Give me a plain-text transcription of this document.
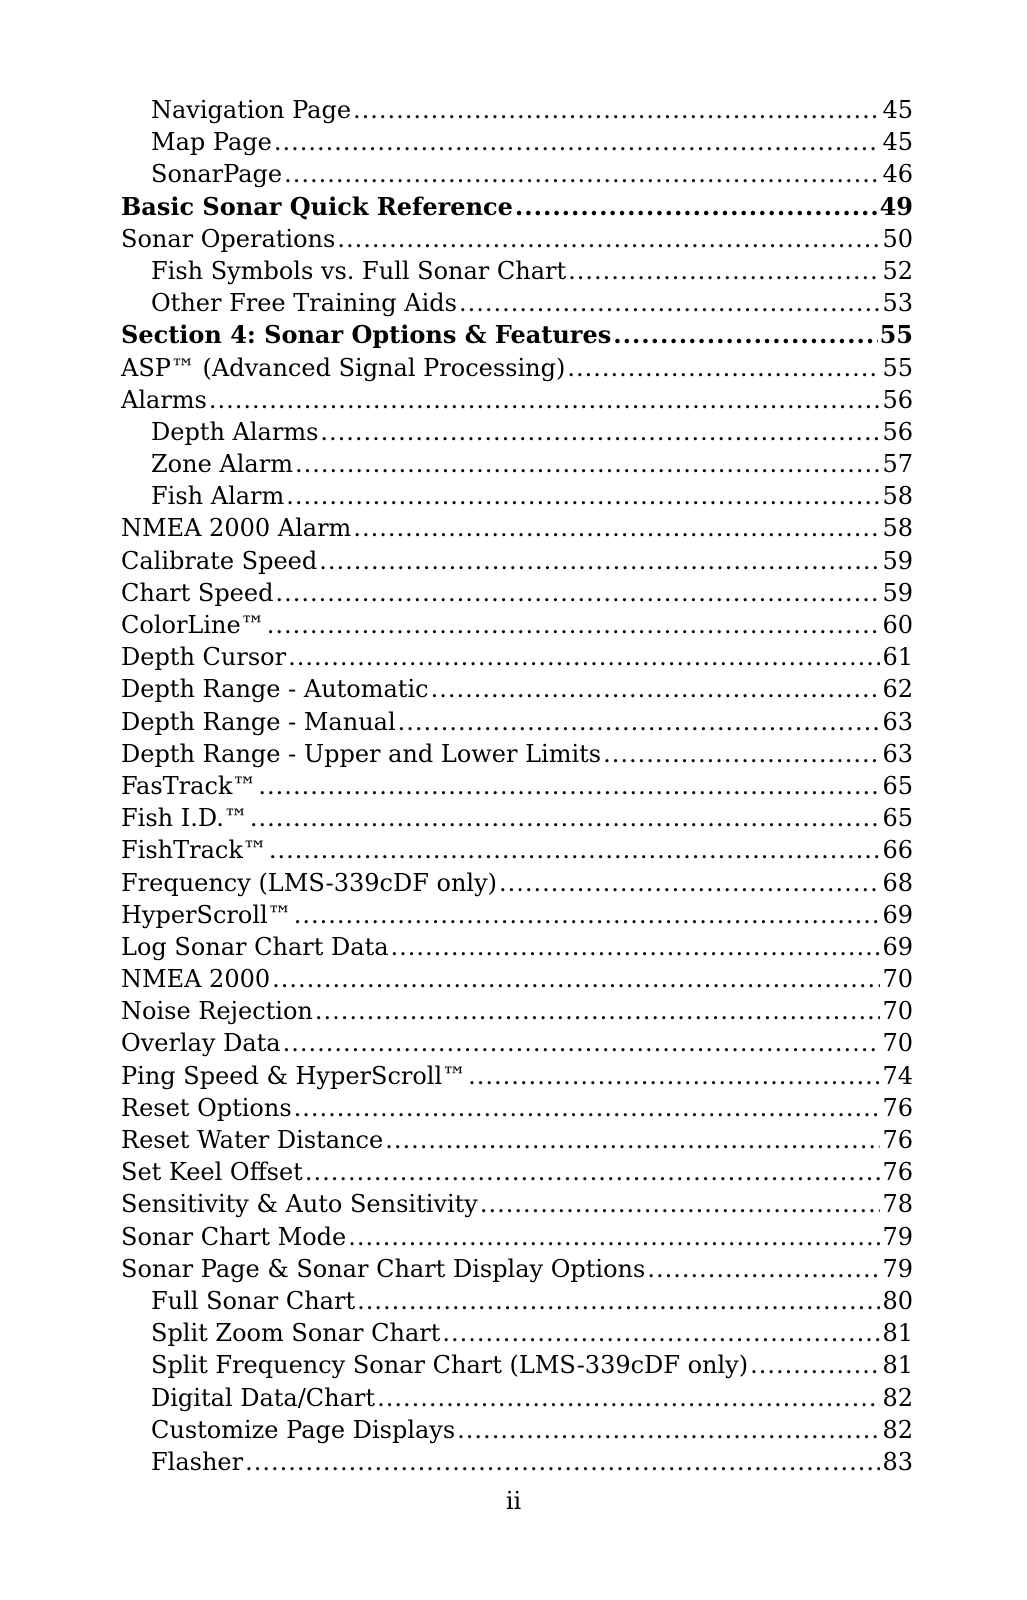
Navigation Page .....	45
Map Page .....	45
SonarPage .....	46
Basic Sonar Quick Reference .....	49
Sonar Operations .....	50
Fish Symbols vs. Full Sonar Chart .....	52
Other Free Training Aids .....	53
Section 4: Sonar Options & Features .....	55
ASP™ (Advanced Signal Processing) .....	55
Alarms .....	56
Depth Alarms .....	56
Zone Alarm .....	57
Fish Alarm .....	58
NMEA 2000 Alarm .....	58
Calibrate Speed .....	59
Chart Speed .....	59
ColorLine™ .....	60
Depth Cursor .....	61
Depth Range - Automatic .....	62
Depth Range - Manual .....	63
Depth Range - Upper and Lower Limits .....	63
FasTrack™ .....	65
Fish I.D.™ .....	65
FishTrack™ .....	66
Frequency (LMS-339cDF only) .....	68
HyperScroll™ .....	69
Log Sonar Chart Data .....	69
NMEA 2000 .....	70
Noise Rejection .....	70
Overlay Data .....	70
Ping Speed & HyperScroll™ .....	74
Reset Options .....	76
Reset Water Distance .....	76
Set Keel Offset .....	76
Sensitivity & Auto Sensitivity .....	78
Sonar Chart Mode .....	79
Sonar Page & Sonar Chart Display Options .....	79
Full Sonar Chart .....	80
Split Zoom Sonar Chart .....	81
Split Frequency Sonar Chart (LMS-339cDF only) .....	81
Digital Data/Chart .....	82
Customize Page Displays .....	82
Flasher .....	83
ii
